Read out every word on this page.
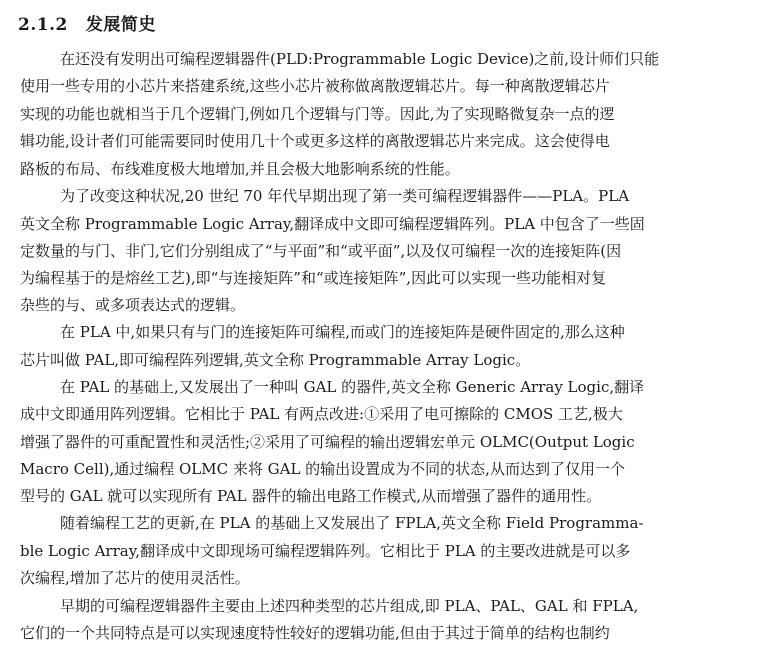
2.1.2 发展简史
在还没有发明出可编程逻辑器件(PLD:Programmable Logic Device)之前,设计师们只能
使用一些专用的小芯片来搭建系统,这些小芯片被称做离散逻辑芯片。每一种离散逻辑芯片
实现的功能也就相当于几个逻辑门,例如几个逻辑与门等。因此,为了实现略微复杂一点的逻
辑功能,设计者们可能需要同时使用几十个或更多这样的离散逻辑芯片来完成。这会使得电
路板的布局、布线难度极大地增加,并且会极大地影响系统的性能。
为了改变这种状况,20 世纪 70 年代早期出现了第一类可编程逻辑器件——PLA。PLA
英文全称 Programmable Logic Array,翻译成中文即可编程逻辑阵列。PLA 中包含了一些固
定数量的与门、非门,它们分别组成了“与平面”和“或平面”,以及仅可编程一次的连接矩阵(因
为编程基于的是熔丝工艺),即“与连接矩阵”和“或连接矩阵”,因此可以实现一些功能相对复
杂些的与、或多项表达式的逻辑。
在 PLA 中,如果只有与门的连接矩阵可编程,而或门的连接矩阵是硬件固定的,那么这种
芯片叫做 PAL,即可编程阵列逻辑,英文全称 Programmable Array Logic。
在 PAL 的基础上,又发展出了一种叫 GAL 的器件,英文全称 Generic Array Logic,翻译
成中文即通用阵列逻辑。它相比于 PAL 有两点改进:①采用了电可擦除的 CMOS 工艺,极大
增强了器件的可重配置性和灵活性;②采用了可编程的输出逻辑宏单元 OLMC(Output Logic
Macro Cell),通过编程 OLMC 来将 GAL 的输出设置成为不同的状态,从而达到了仅用一个
型号的 GAL 就可以实现所有 PAL 器件的输出电路工作模式,从而增强了器件的通用性。
随着编程工艺的更新,在 PLA 的基础上又发展出了 FPLA,英文全称 Field Programma-
ble Logic Array,翻译成中文即现场可编程逻辑阵列。它相比于 PLA 的主要改进就是可以多
次编程,增加了芯片的使用灵活性。
早期的可编程逻辑器件主要由上述四种类型的芯片组成,即 PLA、PAL、GAL 和 FPLA,
它们的一个共同特点是可以实现速度特性较好的逻辑功能,但由于其过于简单的结构也制约
